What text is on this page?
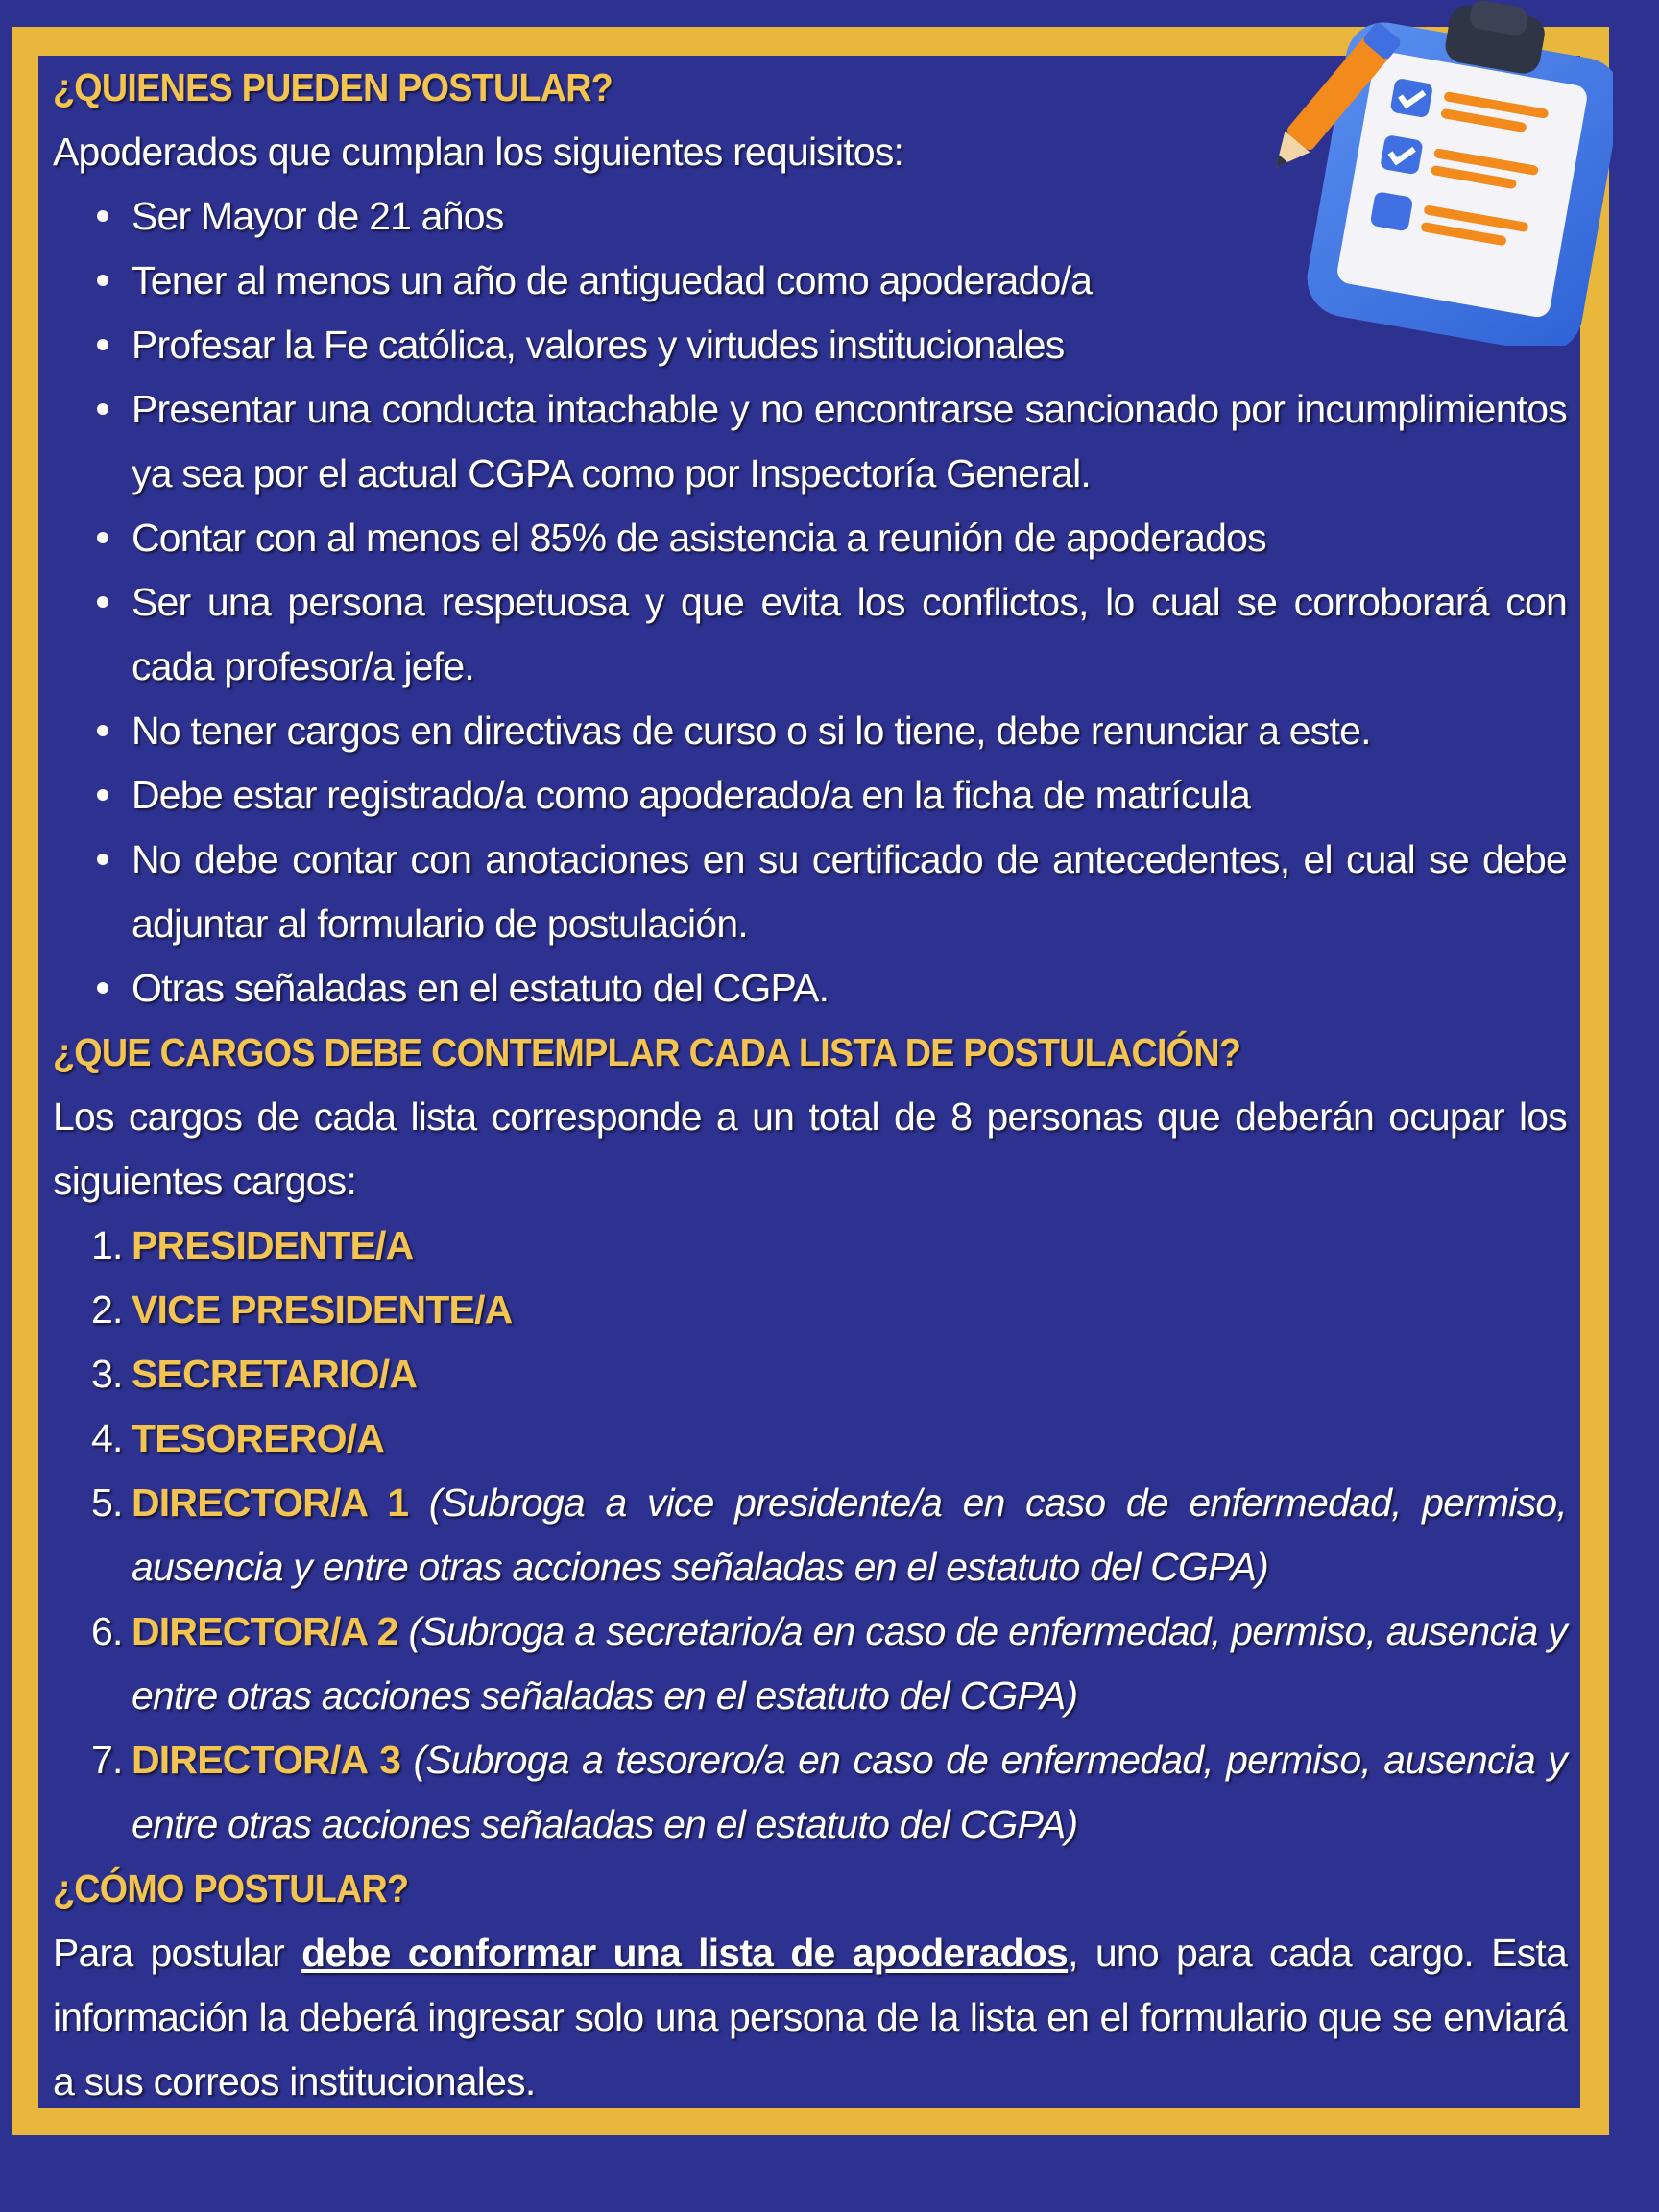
¿QUIENES PUEDEN POSTULAR?

Apoderados que cumplan los siguientes requisitos:

Ser Mayor de 21 años
Tener al menos un año de antiguedad como apoderado/a
Profesar la Fe católica, valores y virtudes institucionales
Presentar una conducta intachable y no encontrarse sancionado por incumplimientos ya sea por el actual CGPA como por Inspectoría General.
Contar con al menos el 85% de asistencia a reunión de apoderados
Ser una persona respetuosa y que evita los conflictos, lo cual se corroborará con cada profesor/a jefe.
No tener cargos en directivas de curso o si lo tiene, debe renunciar a este.
Debe estar registrado/a como apoderado/a en la ficha de matrícula
No debe contar con anotaciones en su certificado de antecedentes, el cual se debe adjuntar al formulario de postulación.
Otras señaladas en el estatuto del CGPA.
¿QUE CARGOS DEBE CONTEMPLAR CADA LISTA DE POSTULACIÓN?

Los cargos de cada lista corresponde a un total de 8 personas que deberán ocupar los siguientes cargos:

1. PRESIDENTE/A
2. VICE PRESIDENTE/A
3. SECRETARIO/A
4. TESORERO/A
5. DIRECTOR/A 1 (Subroga a vice presidente/a en caso de enfermedad, permiso, ausencia y entre otras acciones señaladas en el estatuto del CGPA)
6. DIRECTOR/A 2 (Subroga a secretario/a en caso de enfermedad, permiso, ausencia y entre otras acciones señaladas en el estatuto del CGPA)
7. DIRECTOR/A 3 (Subroga a tesorero/a en caso de enfermedad, permiso, ausencia y entre otras acciones señaladas en el estatuto del CGPA)
¿CÓMO POSTULAR?

Para postular debe conformar una lista de apoderados, uno para cada cargo. Esta información la deberá ingresar solo una persona de la lista en el formulario que se enviará a sus correos institucionales.
